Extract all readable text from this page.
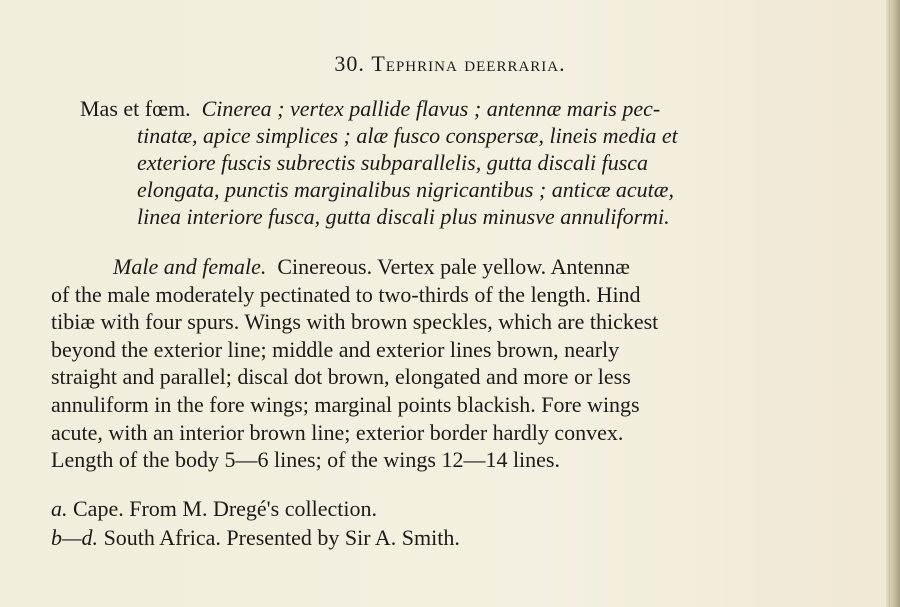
30. Tephrina deerraria.
Mas et fœm. Cinerea ; vertex pallide flavus ; antennæ maris pec-
tinatæ, apice simplices ; alæ fusco conspersæ, lineis media et
exteriore fuscis subrectis subparallelis, gutta discali fusca
elongata, punctis marginalibus nigricantibus ; anticæ acutæ,
linea interiore fusca, gutta discali plus minusve annuliformi.
Male and female. Cinereous. Vertex pale yellow. Antennæ
of the male moderately pectinated to two-thirds of the length. Hind
tibiæ with four spurs. Wings with brown speckles, which are thickest
beyond the exterior line; middle and exterior lines brown, nearly
straight and parallel; discal dot brown, elongated and more or less
annuliform in the fore wings; marginal points blackish. Fore wings
acute, with an interior brown line; exterior border hardly convex.
Length of the body 5—6 lines; of the wings 12—14 lines.
a. Cape. From M. Dregé's collection.
b—d. South Africa. Presented by Sir A. Smith.
